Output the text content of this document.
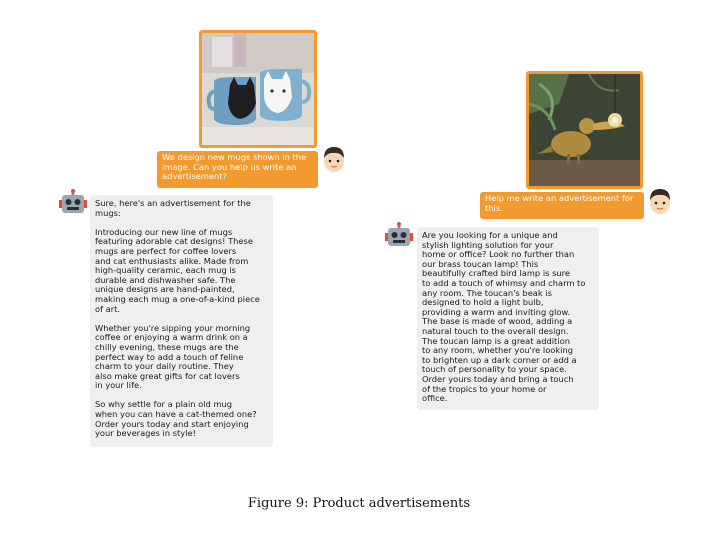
We design new mugs shown in the
image. Can you help us write an
advertisement?
Sure, here's an advertisement for the
mugs:

Introducing our new line of mugs
featuring adorable cat designs! These
mugs are perfect for coffee lovers
and cat enthusiasts alike. Made from
high-quality ceramic, each mug is
durable and dishwasher safe. The
unique designs are hand-painted,
making each mug a one-of-a-kind piece
of art.

Whether you're sipping your morning
coffee or enjoying a warm drink on a
chilly evening, these mugs are the
perfect way to add a touch of feline
charm to your daily routine. They
also make great gifts for cat lovers
in your life.

So why settle for a plain old mug
when you can have a cat-themed one?
Order yours today and start enjoying
your beverages in style!
Help me write an advertisement for
this.
Are you looking for a unique and
stylish lighting solution for your
home or office? Look no further than
our brass toucan lamp! This
beautifully crafted bird lamp is sure
to add a touch of whimsy and charm to
any room. The toucan's beak is
designed to hold a light bulb,
providing a warm and inviting glow.
The base is made of wood, adding a
natural touch to the overall design.
The toucan lamp is a great addition
to any room, whether you're looking
to brighten up a dark corner or add a
touch of personality to your space.
Order yours today and bring a touch
of the tropics to your home or
office.
Figure 9: Product advertisements
